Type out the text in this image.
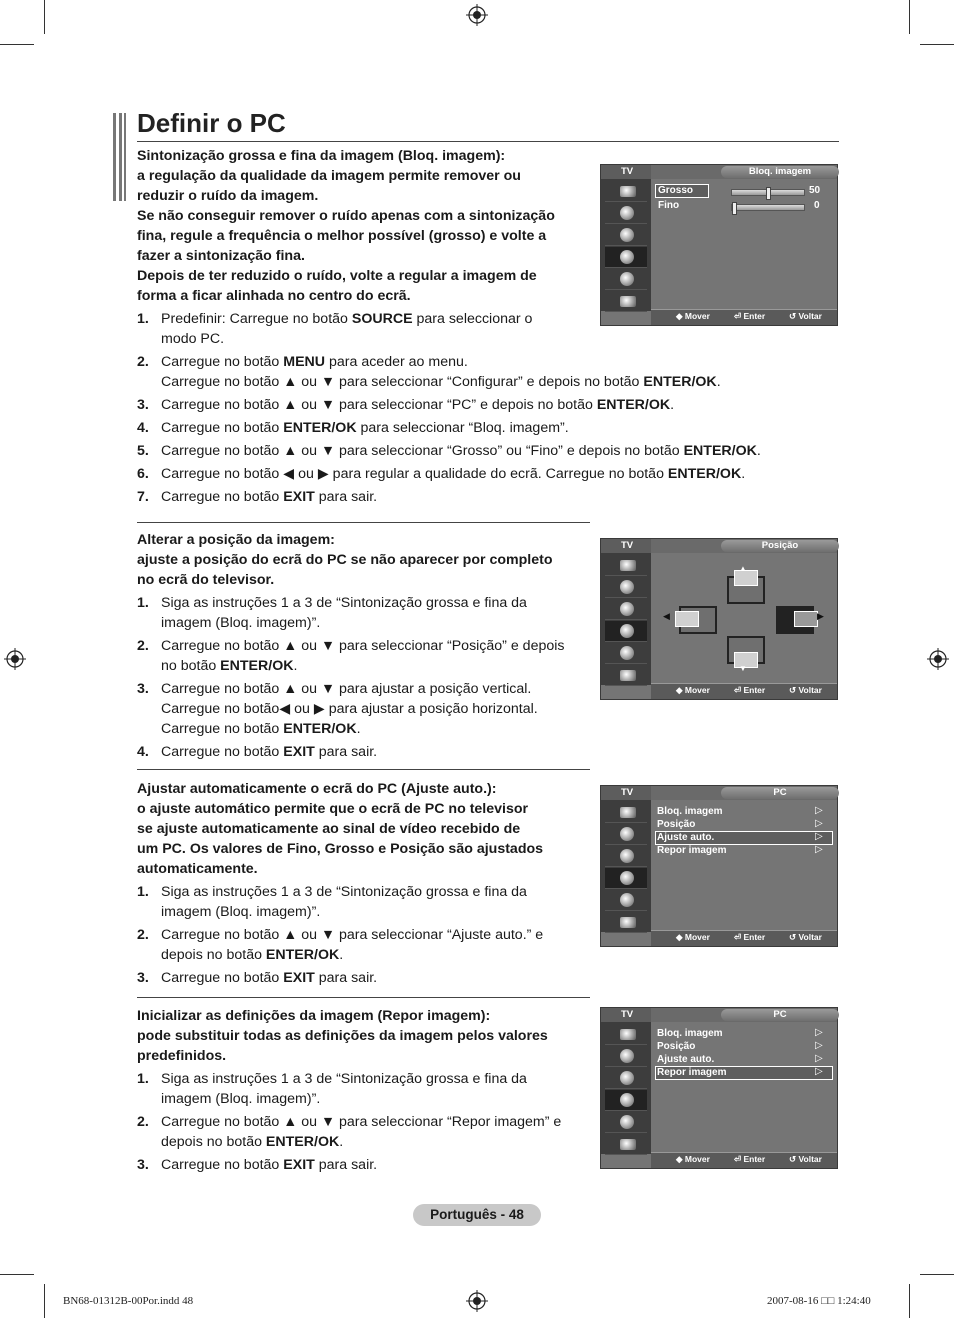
Definir o PC

Sintonização grossa e fina da imagem (Bloq. imagem):

a regulação da qualidade da imagem permite remover ou

reduzir o ruído da imagem.

Se não conseguir remover o ruído apenas com a sintonização

fina, regule a frequência o melhor possível (grosso) e volte a

fazer a sintonização fina.

Depois de ter reduzido o ruído, volte a regular a imagem de

forma a ficar alinhada no centro do ecrã.

1. Predefinir: Carregue no botão SOURCE para seleccionar o
modo PC.
2. Carregue no botão MENU para aceder ao menu.
Carregue no botão ▲ ou ▼ para seleccionar “Configurar” e depois no botão ENTER/OK.
3. Carregue no botão ▲ ou ▼ para seleccionar “PC” e depois no botão ENTER/OK.
4. Carregue no botão ENTER/OK para seleccionar “Bloq. imagem”.
5. Carregue no botão ▲ ou ▼ para seleccionar “Grosso” ou “Fino” e depois no botão ENTER/OK.
6. Carregue no botão ◀ ou ▶ para regular a qualidade do ecrã. Carregue no botão ENTER/OK.
7. Carregue no botão EXIT para sair.

Alterar a posição da imagem:

ajuste a posição do ecrã do PC se não aparecer por completo

no ecrã do televisor.

1. Siga as instruções 1 a 3 de “Sintonização grossa e fina da
imagem (Bloq. imagem)”.
2. Carregue no botão ▲ ou ▼ para seleccionar “Posição” e depois
no botão ENTER/OK.
3. Carregue no botão ▲ ou ▼ para ajustar a posição vertical.
Carregue no botão◀ ou ▶ para ajustar a posição horizontal.
Carregue no botão ENTER/OK.
4. Carregue no botão EXIT para sair.

Ajustar automaticamente o ecrã do PC (Ajuste auto.):

o ajuste automático permite que o ecrã de PC no televisor

se ajuste automaticamente ao sinal de vídeo recebido de

um PC. Os valores de Fino, Grosso e Posição são ajustados

automaticamente.

1. Siga as instruções 1 a 3 de “Sintonização grossa e fina da
imagem (Bloq. imagem)”.
2. Carregue no botão ▲ ou ▼ para seleccionar “Ajuste auto.” e
depois no botão ENTER/OK.
3. Carregue no botão EXIT para sair.

Inicializar as definições da imagem (Repor imagem):

pode substituir todas as definições da imagem pelos valores

predefinidos.

1. Siga as instruções 1 a 3 de “Sintonização grossa e fina da
imagem (Bloq. imagem)”.
2. Carregue no botão ▲ ou ▼ para seleccionar “Repor imagem” e
depois no botão ENTER/OK.
3. Carregue no botão EXIT para sair.
TV	Bloq. imagem
Grosso	50
Fino	0
◆ Mover	⏎ Enter	↺ Voltar
TV	Posição
▲
◀	▶
▼
◆ Mover	⏎ Enter	↺ Voltar
TV	PC
Bloq. imagem	▷
Posição	▷
Ajuste auto.	▷
Repor imagem	▷
◆ Mover	⏎ Enter	↺ Voltar
TV	PC
Bloq. imagem	▷
Posição	▷
Ajuste auto.	▷
Repor imagem	▷
◆ Mover	⏎ Enter	↺ Voltar
Português - 48
BN68-01312B-00Por.indd 48	2007-08-16 □□ 1:24:40
